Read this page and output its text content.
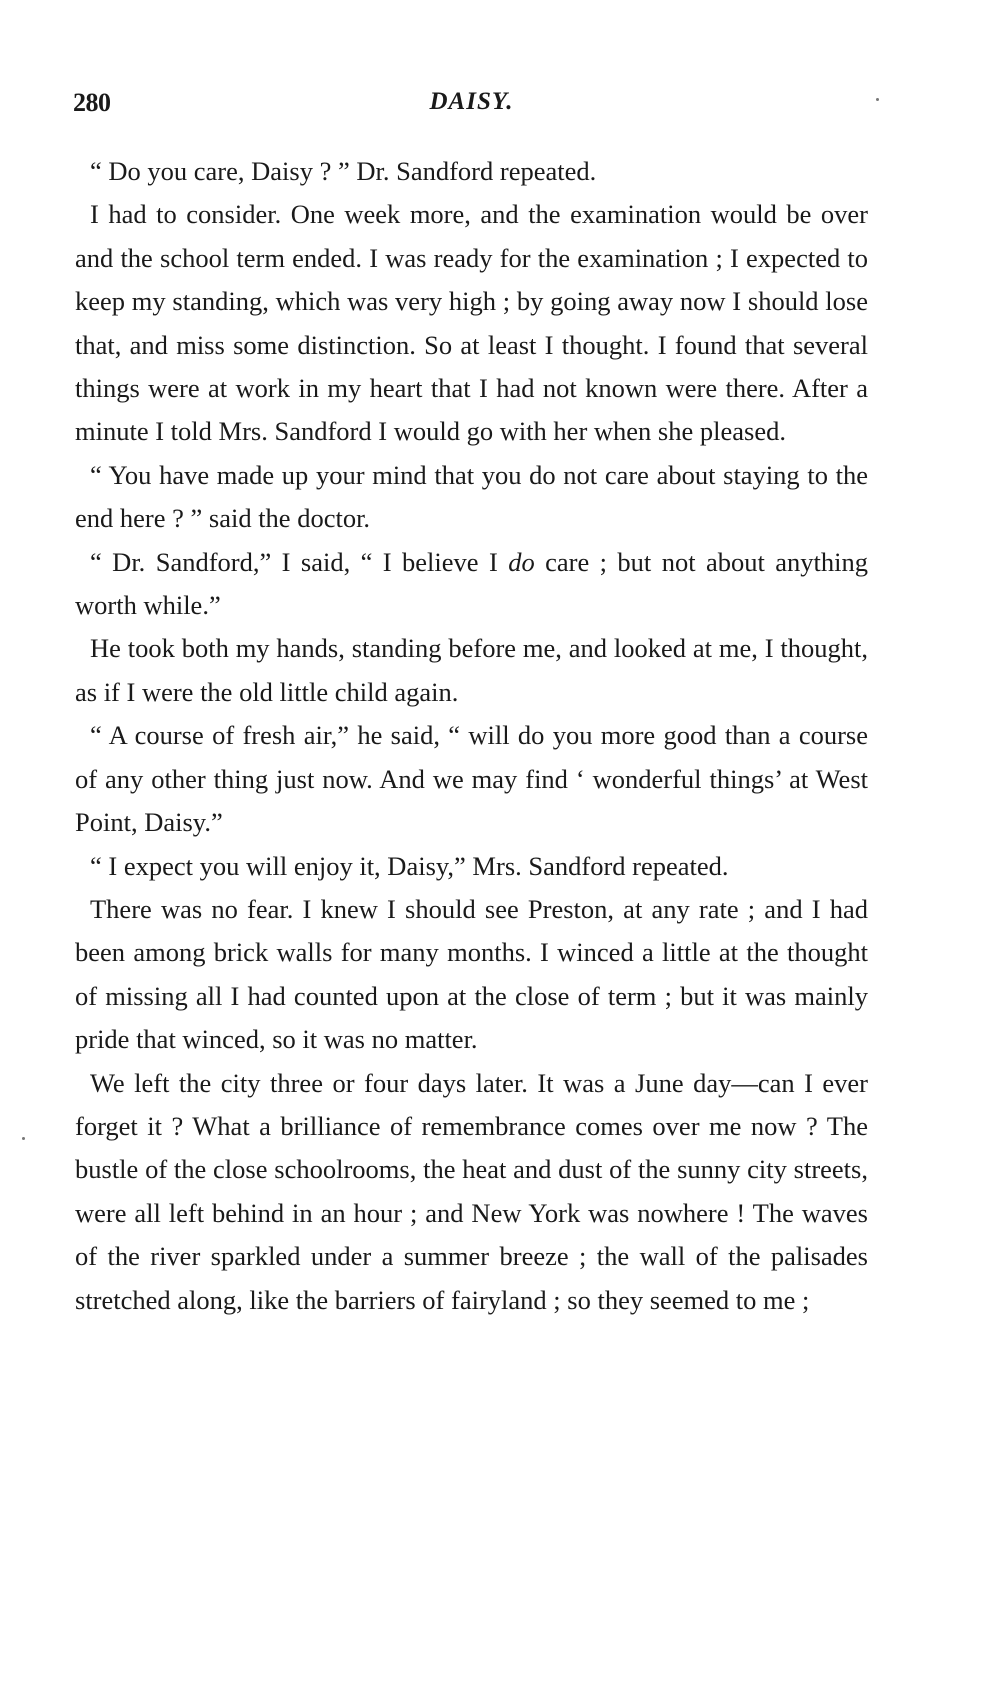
280	DAISY.

“ Do you care, Daisy ? ” Dr. Sandford repeated.

I had to consider. One week more, and the examination would be over and the school term ended. I was ready for the examination ; I expected to keep my standing, which was very high ; by going away now I should lose that, and miss some distinction. So at least I thought. I found that several things were at work in my heart that I had not known were there. After a minute I told Mrs. Sandford I would go with her when she pleased.

“ You have made up your mind that you do not care about staying to the end here ? ” said the doctor.

“ Dr. Sandford,” I said, “ I believe I do care ; but not about anything worth while.”

He took both my hands, standing before me, and looked at me, I thought, as if I were the old little child again.

“ A course of fresh air,” he said, “ will do you more good than a course of any other thing just now. And we may find ‘ wonderful things’ at West Point, Daisy.”

“ I expect you will enjoy it, Daisy,” Mrs. Sandford repeated.

There was no fear. I knew I should see Preston, at any rate ; and I had been among brick walls for many months. I winced a little at the thought of missing all I had counted upon at the close of term ; but it was mainly pride that winced, so it was no matter.

We left the city three or four days later. It was a June day—can I ever forget it ? What a brilliance of remembrance comes over me now ? The bustle of the close schoolrooms, the heat and dust of the sunny city streets, were all left behind in an hour ; and New York was nowhere ! The waves of the river sparkled under a summer breeze ; the wall of the palisades stretched along, like the barriers of fairyland ; so they seemed to me ;
